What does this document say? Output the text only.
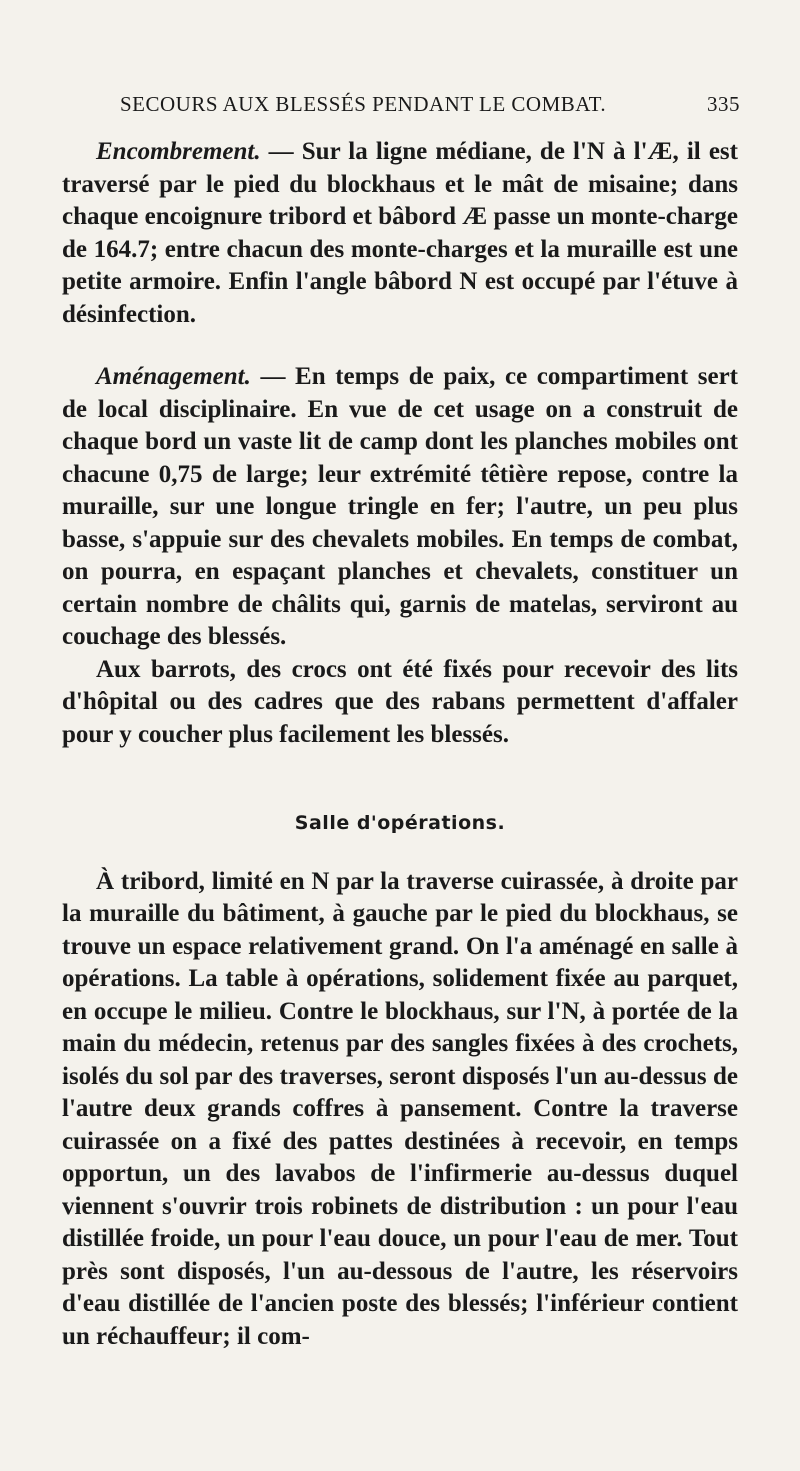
SECOURS AUX BLESSÉS PENDANT LE COMBAT.	335

Encombrement. — Sur la ligne médiane, de l'N à l'Æ, il est traversé par le pied du blockhaus et le mât de misaine; dans chaque encoignure tribord et bâbord Æ passe un monte-charge de 164.7; entre chacun des monte-charges et la muraille est une petite armoire. Enfin l'angle bâbord N est occupé par l'étuve à désinfection.

Aménagement. — En temps de paix, ce compartiment sert de local disciplinaire. En vue de cet usage on a construit de chaque bord un vaste lit de camp dont les planches mobiles ont chacune 0,75 de large; leur extrémité têtière repose, contre la muraille, sur une longue tringle en fer; l'autre, un peu plus basse, s'appuie sur des chevalets mobiles. En temps de combat, on pourra, en espaçant planches et chevalets, constituer un certain nombre de châlits qui, garnis de matelas, serviront au couchage des blessés.

Aux barrots, des crocs ont été fixés pour recevoir des lits d'hôpital ou des cadres que des rabans permettent d'affaler pour y coucher plus facilement les blessés.

Salle d'opérations.

À tribord, limité en N par la traverse cuirassée, à droite par la muraille du bâtiment, à gauche par le pied du blockhaus, se trouve un espace relativement grand. On l'a aménagé en salle à opérations. La table à opérations, solidement fixée au parquet, en occupe le milieu. Contre le blockhaus, sur l'N, à portée de la main du médecin, retenus par des sangles fixées à des crochets, isolés du sol par des traverses, seront disposés l'un au-dessus de l'autre deux grands coffres à pansement. Contre la traverse cuirassée on a fixé des pattes destinées à recevoir, en temps opportun, un des lavabos de l'infirmerie au-dessus duquel viennent s'ouvrir trois robinets de distribution : un pour l'eau distillée froide, un pour l'eau douce, un pour l'eau de mer. Tout près sont disposés, l'un au-dessous de l'autre, les réservoirs d'eau distillée de l'ancien poste des blessés; l'inférieur contient un réchauffeur; il com-
